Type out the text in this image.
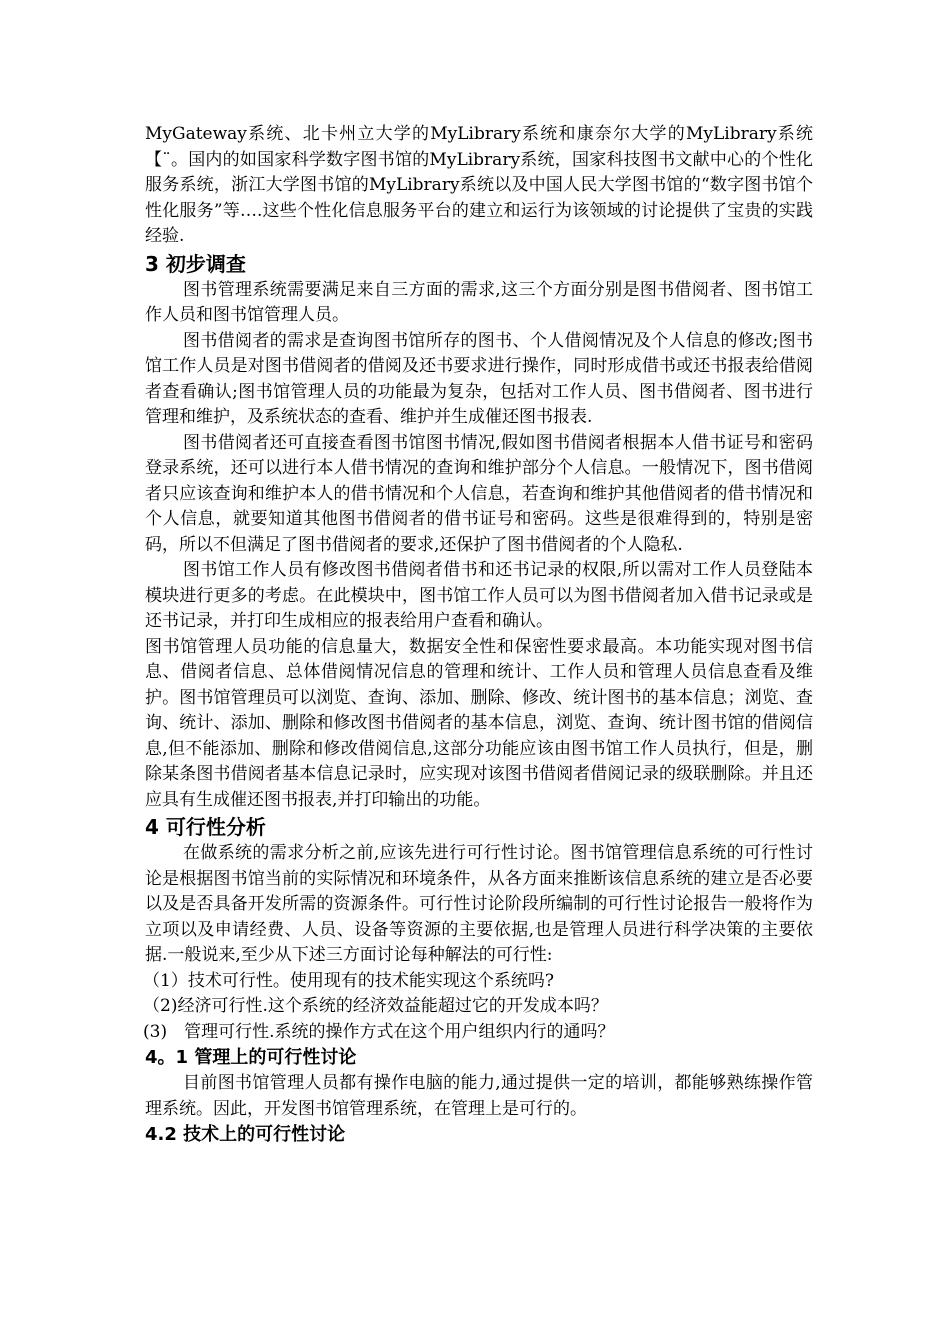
MyGateway系统、北卡州立大学的MyLibrary系统和康奈尔大学的MyLibrary系统【¨。国内的如国家科学数字图书馆的MyLibrary系统，国家科技图书文献中心的个性化服务系统，浙江大学图书馆的MyLibrary系统以及中国人民大学图书馆的“数字图书馆个性化服务”等….这些个性化信息服务平台的建立和运行为该领域的讨论提供了宝贵的实践经验.

3 初步调查

图书管理系统需要满足来自三方面的需求,这三个方面分别是图书借阅者、图书馆工作人员和图书馆管理人员。

图书借阅者的需求是查询图书馆所存的图书、个人借阅情况及个人信息的修改;图书馆工作人员是对图书借阅者的借阅及还书要求进行操作，同时形成借书或还书报表给借阅者查看确认;图书馆管理人员的功能最为复杂，包括对工作人员、图书借阅者、图书进行管理和维护，及系统状态的查看、维护并生成催还图书报表.

图书借阅者还可直接查看图书馆图书情况,假如图书借阅者根据本人借书证号和密码登录系统，还可以进行本人借书情况的查询和维护部分个人信息。一般情况下，图书借阅者只应该查询和维护本人的借书情况和个人信息，若查询和维护其他借阅者的借书情况和个人信息，就要知道其他图书借阅者的借书证号和密码。这些是很难得到的，特别是密码，所以不但满足了图书借阅者的要求,还保护了图书借阅者的个人隐私.

图书馆工作人员有修改图书借阅者借书和还书记录的权限,所以需对工作人员登陆本模块进行更多的考虑。在此模块中，图书馆工作人员可以为图书借阅者加入借书记录或是还书记录，并打印生成相应的报表给用户查看和确认。

图书馆管理人员功能的信息量大，数据安全性和保密性要求最高。本功能实现对图书信息、借阅者信息、总体借阅情况信息的管理和统计、工作人员和管理人员信息查看及维护。图书馆管理员可以浏览、查询、添加、删除、修改、统计图书的基本信息；浏览、查询、统计、添加、删除和修改图书借阅者的基本信息，浏览、查询、统计图书馆的借阅信息,但不能添加、删除和修改借阅信息,这部分功能应该由图书馆工作人员执行，但是，删除某条图书借阅者基本信息记录时，应实现对该图书借阅者借阅记录的级联删除。并且还应具有生成催还图书报表,并打印输出的功能。

4 可行性分析

在做系统的需求分析之前,应该先进行可行性讨论。图书馆管理信息系统的可行性讨论是根据图书馆当前的实际情况和环境条件，从各方面来推断该信息系统的建立是否必要以及是否具备开发所需的资源条件。可行性讨论阶段所编制的可行性讨论报告一般将作为立项以及申请经费、人员、设备等资源的主要依据,也是管理人员进行科学决策的主要依据.一般说来,至少从下述三方面讨论每种解法的可行性:

（1）技术可行性。使用现有的技术能实现这个系统吗?

（2)经济可行性.这个系统的经济效益能超过它的开发成本吗？

(3)　管理可行性.系统的操作方式在这个用户组织内行的通吗？

4。1 管理上的可行性讨论

目前图书馆管理人员都有操作电脑的能力,通过提供一定的培训，都能够熟练操作管理系统。因此，开发图书馆管理系统，在管理上是可行的。

4.2 技术上的可行性讨论
